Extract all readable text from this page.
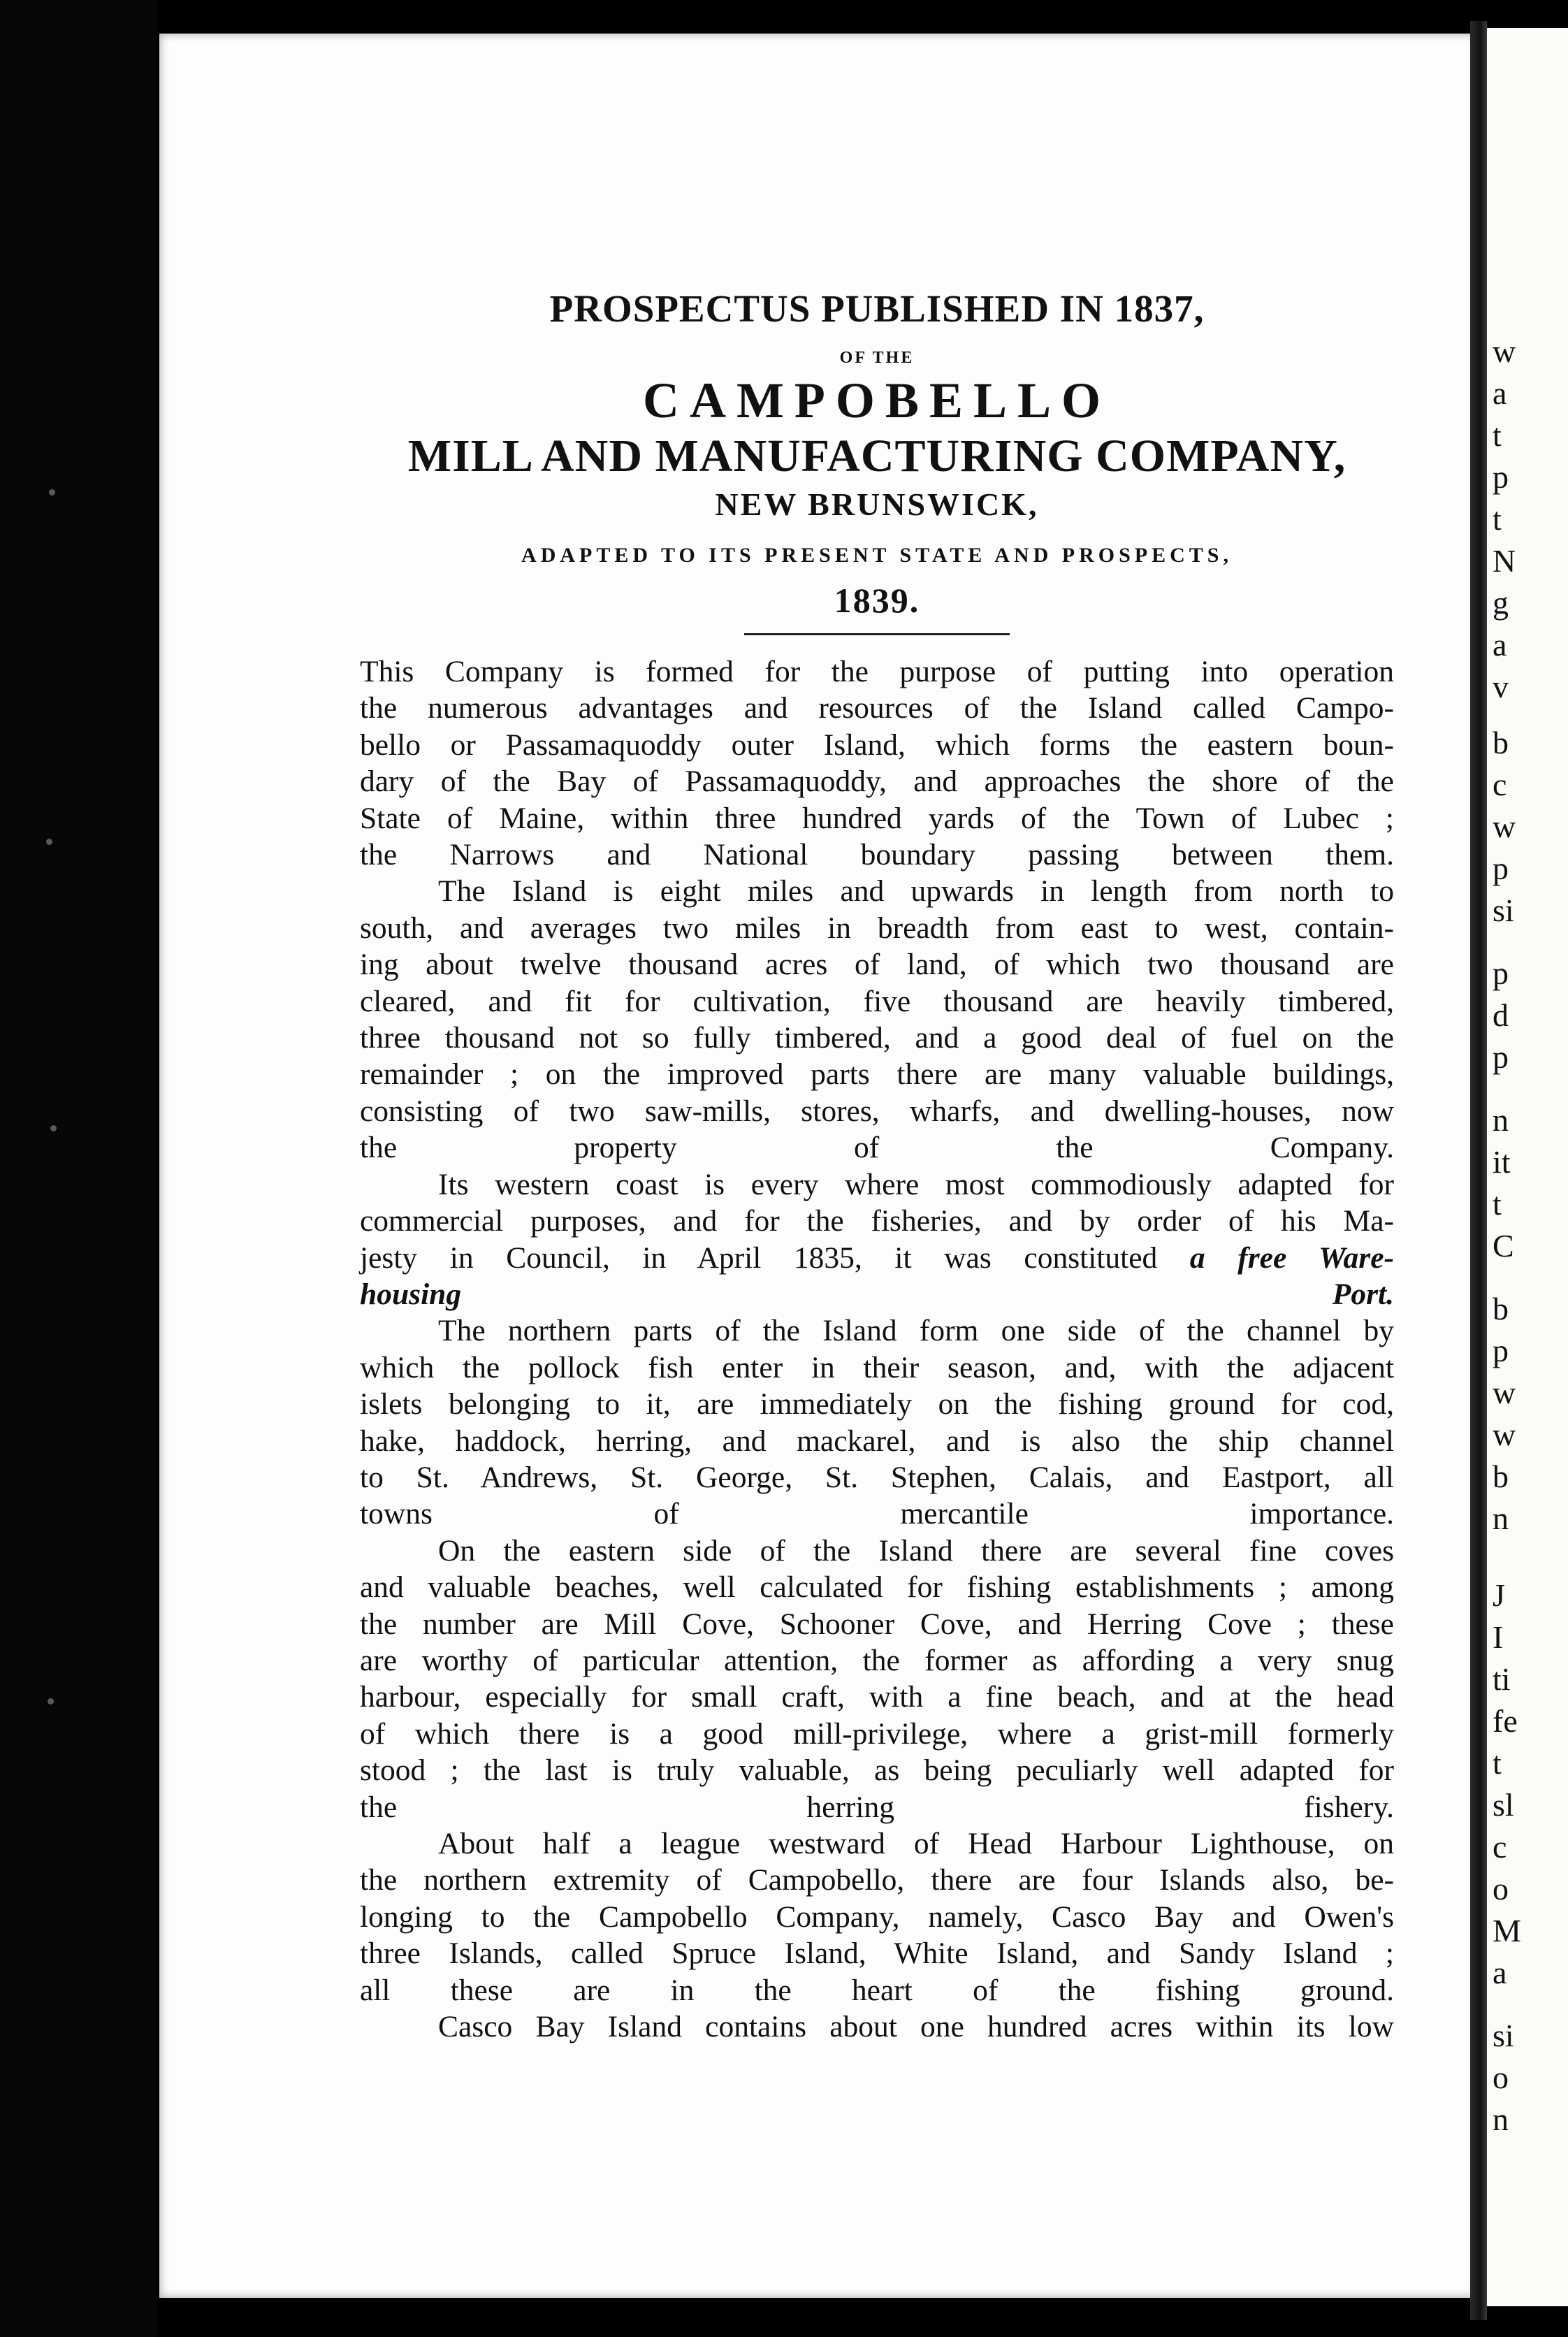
w
a
t
p
t
N
g
a
v
b
c
w
p
si
p
d
p
n
it
t
C
b
p
w
w
b
n
J
I
ti
fe
t
sl
c
o
M
a
si
o
n
PROSPECTUS PUBLISHED IN 1837,
OF THE
CAMPOBELLO
MILL AND MANUFACTURING COMPANY,
NEW BRUNSWICK,
ADAPTED TO ITS PRESENT STATE AND PROSPECTS,
1839.

This Company is formed for the purpose of putting into operation
the numerous advantages and resources of the Island called Campo-
bello or Passamaquoddy outer Island, which forms the eastern boun-
dary of the Bay of Passamaquoddy, and approaches the shore of the
State of Maine, within three hundred yards of the Town of Lubec ;
the Narrows and National boundary passing between them.

The Island is eight miles and upwards in length from north to
south, and averages two miles in breadth from east to west, contain-
ing about twelve thousand acres of land, of which two thousand are
cleared, and fit for cultivation, five thousand are heavily timbered,
three thousand not so fully timbered, and a good deal of fuel on the
remainder ; on the improved parts there are many valuable buildings,
consisting of two saw-mills, stores, wharfs, and dwelling-houses, now
the property of the Company.

Its western coast is every where most commodiously adapted for
commercial purposes, and for the fisheries, and by order of his Ma-
jesty in Council, in April 1835, it was constituted a free Ware-
housing Port.

The northern parts of the Island form one side of the channel by
which the pollock fish enter in their season, and, with the adjacent
islets belonging to it, are immediately on the fishing ground for cod,
hake, haddock, herring, and mackarel, and is also the ship channel
to St. Andrews, St. George, St. Stephen, Calais, and Eastport, all
towns of mercantile importance.

On the eastern side of the Island there are several fine coves
and valuable beaches, well calculated for fishing establishments ; among
the number are Mill Cove, Schooner Cove, and Herring Cove ; these
are worthy of particular attention, the former as affording a very snug
harbour, especially for small craft, with a fine beach, and at the head
of which there is a good mill-privilege, where a grist-mill formerly
stood ; the last is truly valuable, as being peculiarly well adapted for
the herring fishery.

About half a league westward of Head Harbour Lighthouse, on
the northern extremity of Campobello, there are four Islands also, be-
longing to the Campobello Company, namely, Casco Bay and Owen's
three Islands, called Spruce Island, White Island, and Sandy Island ;
all these are in the heart of the fishing ground.

Casco Bay Island contains about one hundred acres within its low
